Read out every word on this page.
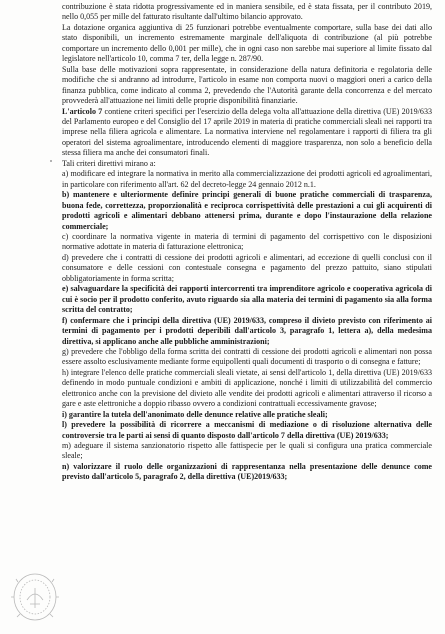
contribuzione è stata ridotta progressivamente ed in maniera sensibile, ed è stata fissata, per il contributo 2019, nello 0,055 per mille del fatturato risultante dall'ultimo bilancio approvato.

La dotazione organica aggiuntiva di 25 funzionari potrebbe eventualmente comportare, sulla base dei dati allo stato disponibili, un incremento estremamente marginale dell'aliquota di contribuzione (al più potrebbe comportare un incremento dello 0,001 per mille), che in ogni caso non sarebbe mai superiore al limite fissato dal legislatore nell'articolo 10, comma 7 ter, della legge n. 287/90.

Sulla base delle motivazioni sopra rappresentate, in considerazione della natura definitoria e regolatoria delle modifiche che si andranno ad introdurre, l'articolo in esame non comporta nuovi o maggiori oneri a carico della finanza pubblica, come indicato al comma 2, prevedendo che l'Autorità garante della concorrenza e del mercato provvederà all'attuazione nei limiti delle proprie disponibilità finanziarie.

L'articolo 7 contiene criteri specifici per l'esercizio della delega volta all'attuazione della direttiva (UE) 2019/633 del Parlamento europeo e del Consiglio del 17 aprile 2019 in materia di pratiche commerciali sleali nei rapporti tra imprese nella filiera agricola e alimentare. La normativa interviene nel regolamentare i rapporti di filiera tra gli operatori del sistema agroalimentare, introducendo elementi di maggiore trasparenza, non solo a beneficio della stessa filiera ma anche dei consumatori finali.

Tali criteri direttivi mirano a:

a) modificare ed integrare la normativa in merito alla commercializzazione dei prodotti agricoli ed agroalimentari, in particolare con riferimento all'art. 62 del decreto-legge 24 gennaio 2012 n.1.

b) mantenere e ulteriormente definire principi generali di buone pratiche commerciali di trasparenza, buona fede, correttezza, proporzionalità e reciproca corrispettività delle prestazioni a cui gli acquirenti di prodotti agricoli e alimentari debbano attenersi prima, durante e dopo l'instaurazione della relazione commerciale;

c) coordinare la normativa vigente in materia di termini di pagamento del corrispettivo con le disposizioni normative adottate in materia di fatturazione elettronica;

d) prevedere che i contratti di cessione dei prodotti agricoli e alimentari, ad eccezione di quelli conclusi con il consumatore e delle cessioni con contestuale consegna e pagamento del prezzo pattuito, siano stipulati obbligatoriamente in forma scritta;

e) salvaguardare la specificità dei rapporti intercorrenti tra imprenditore agricolo e cooperativa agricola di cui è socio per il prodotto conferito, avuto riguardo sia alla materia dei termini di pagamento sia alla forma scritta del contratto;

f) confermare che i principi della direttiva (UE) 2019/633, compreso il divieto previsto con riferimento ai termini di pagamento per i prodotti deperibili dall'articolo 3, paragrafo 1, lettera a), della medesima direttiva, si applicano anche alle pubbliche amministrazioni;

g) prevedere che l'obbligo della forma scritta dei contratti di cessione dei prodotti agricoli e alimentari non possa essere assolto esclusivamente mediante forme equipollenti quali documenti di trasporto o di consegna e fatture;

h) integrare l'elenco delle pratiche commerciali sleali vietate, ai sensi dell'articolo 1, della direttiva (UE) 2019/633 definendo in modo puntuale condizioni e ambiti di applicazione, nonché i limiti di utilizzabilità del commercio elettronico anche con la previsione del divieto alle vendite dei prodotti agricoli e alimentari attraverso il ricorso a gare e aste elettroniche a doppio ribasso ovvero a condizioni contrattuali eccessivamente gravose;

i) garantire la tutela dell'anonimato delle denunce relative alle pratiche sleali;

l) prevedere la possibilità di ricorrere a meccanismi di mediazione o di risoluzione alternativa delle controversie tra le parti ai sensi di quanto disposto dall'articolo 7 della direttiva (UE) 2019/633;

m) adeguare il sistema sanzionatorio rispetto alle fattispecie per le quali si configura una pratica commerciale sleale;

n) valorizzare il ruolo delle organizzazioni di rappresentanza nella presentazione delle denunce come previsto dall'articolo 5, paragrafo 2, della direttiva (UE)2019/633;
